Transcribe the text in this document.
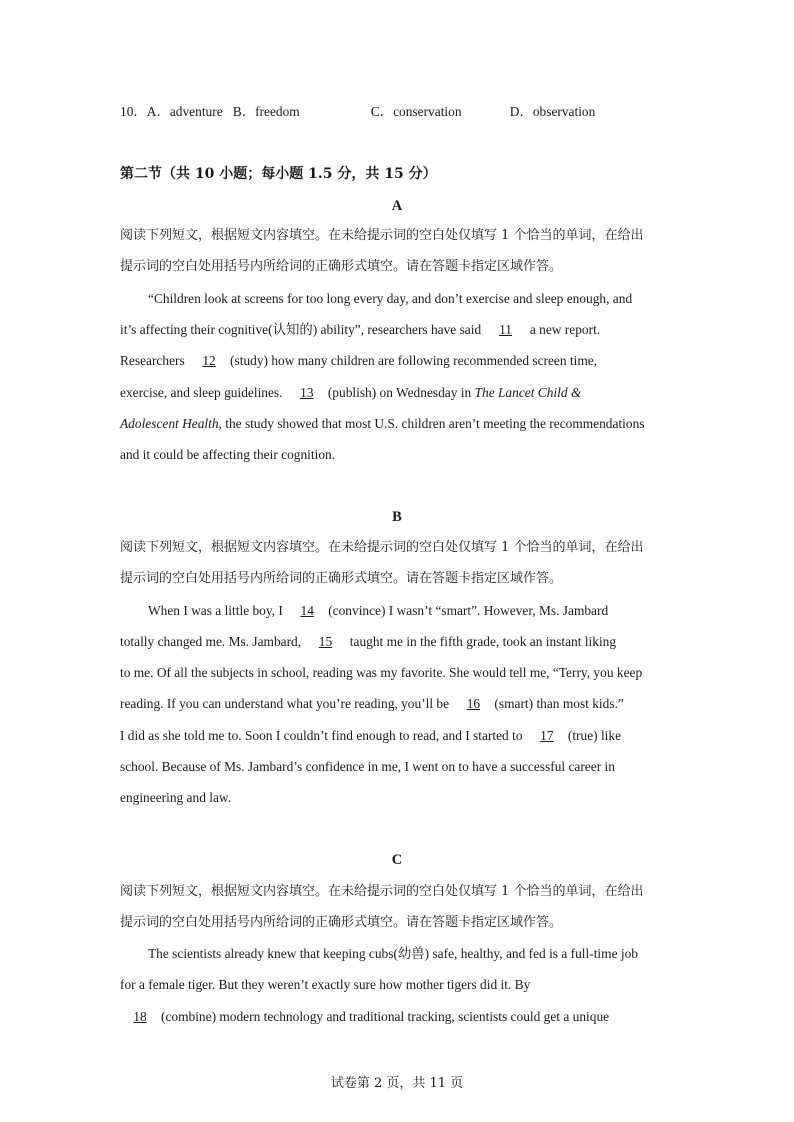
10．A．adventure B．freedom	C．conservation	D．observation
第二节（共 10 小题；每小题 1.5 分，共 15 分）
A
阅读下列短文，根据短文内容填空。在未给提示词的空白处仅填写 1 个恰当的单词，在给出
提示词的空白处用括号内所给词的正确形式填空。请在答题卡指定区域作答。
“Children look at screens for too long every day, and don’t exercise and sleep enough, and
it’s affecting their cognitive(认知的) ability”, researchers have said 11 a new report.
Researchers 12 (study) how many children are following recommended screen time,
exercise, and sleep guidelines. 13 (publish) on Wednesday in The Lancet Child &
Adolescent Health, the study showed that most U.S. children aren’t meeting the recommendations
and it could be affecting their cognition.
B
阅读下列短文，根据短文内容填空。在未给提示词的空白处仅填写 1 个恰当的单词，在给出
提示词的空白处用括号内所给词的正确形式填空。请在答题卡指定区域作答。
When I was a little boy, I 14 (convince) I wasn’t “smart”. However, Ms. Jambard
totally changed me. Ms. Jambard, 15 taught me in the fifth grade, took an instant liking
to me. Of all the subjects in school, reading was my favorite. She would tell me, “Terry, you keep
reading. If you can understand what you’re reading, you’ll be 16 (smart) than most kids.”
I did as she told me to. Soon I couldn’t find enough to read, and I started to 17 (true) like
school. Because of Ms. Jambard’s confidence in me, I went on to have a successful career in
engineering and law.
C
阅读下列短文，根据短文内容填空。在未给提示词的空白处仅填写 1 个恰当的单词，在给出
提示词的空白处用括号内所给词的正确形式填空。请在答题卡指定区域作答。
The scientists already knew that keeping cubs(幼兽) safe, healthy, and fed is a full-time job
for a female tiger. But they weren’t exactly sure how mother tigers did it. By
18 (combine) modern technology and traditional tracking, scientists could get a unique
试卷第 2 页，共 11 页
